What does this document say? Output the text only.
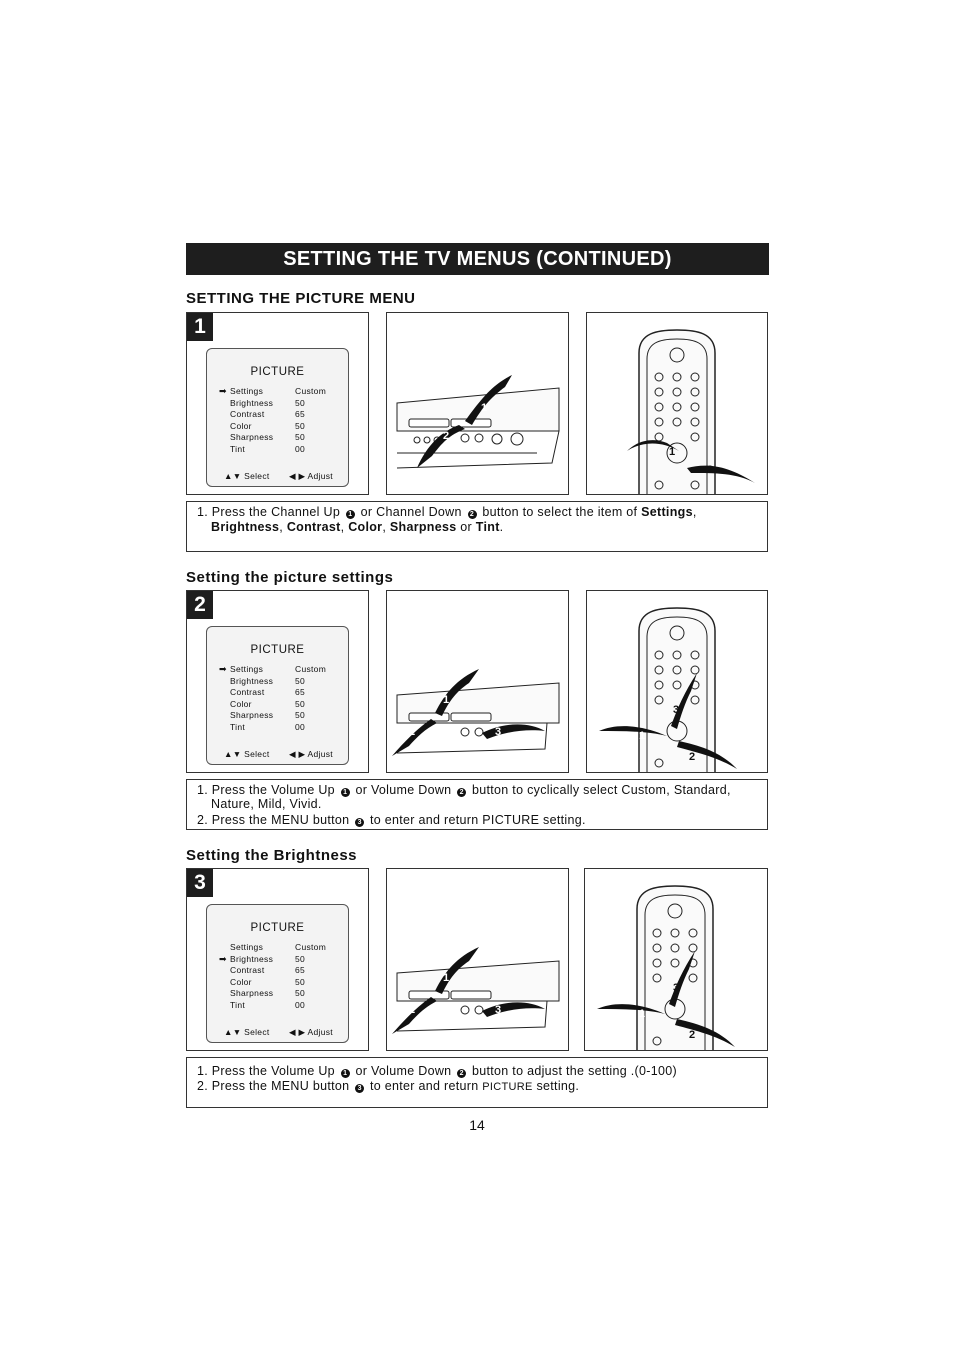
SETTING THE TV MENUS (CONTINUED)
SETTING THE PICTURE MENU
1
PICTURE
➡ Settings	Custom
Brightness	50
Contrast	65
Color	50
Sharpness	50
Tint	00
▲▼ Select ◀ ▶ Adjust
1
2
1
2
1. Press the Channel Up 1 or Channel Down 2 button to select the item of Settings,
Brightness, Contrast, Color, Sharpness or Tint.
Setting the picture settings
2
PICTURE
➡ Settings	Custom
Brightness	50
Contrast	65
Color	50
Sharpness	50
Tint	00
▲▼ Select ◀ ▶ Adjust
1
2	3
3
1
2
1. Press the Volume Up 1 or Volume Down 2 button to cyclically select Custom, Standard,
Nature, Mild, Vivid.
2. Press the MENU button 3 to enter and return PICTURE setting.
Setting the Brightness
3
PICTURE
➡
Settings	Custom
Brightness	50
Contrast	65
Color	50
Sharpness	50
Tint	00
▲▼ Select ◀ ▶ Adjust
1
2	3
3
1
2
1. Press the Volume Up 1 or Volume Down 2 button to adjust the setting .(0-100)
2. Press the MENU button 3 to enter and return PICTURE setting.
14
